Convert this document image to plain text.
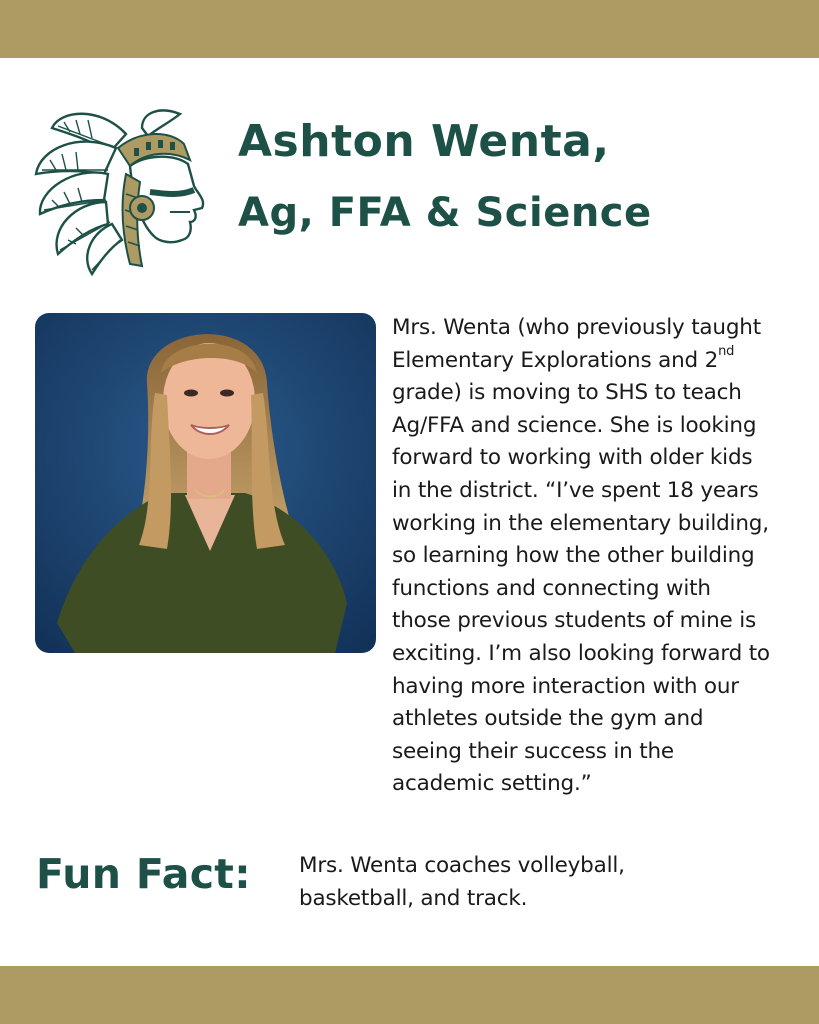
Ashton Wenta,
Ag, FFA & Science
Mrs. Wenta (who previously taught
Elementary Explorations and 2nd
grade) is moving to SHS to teach
Ag/FFA and science. She is looking
forward to working with older kids
in the district. “I’ve spent 18 years
working in the elementary building,
so learning how the other building
functions and connecting with
those previous students of mine is
exciting. I’m also looking forward to
having more interaction with our
athletes outside the gym and
seeing their success in the
academic setting.”
Fun Fact: Mrs. Wenta coaches volleyball,
basketball, and track.
